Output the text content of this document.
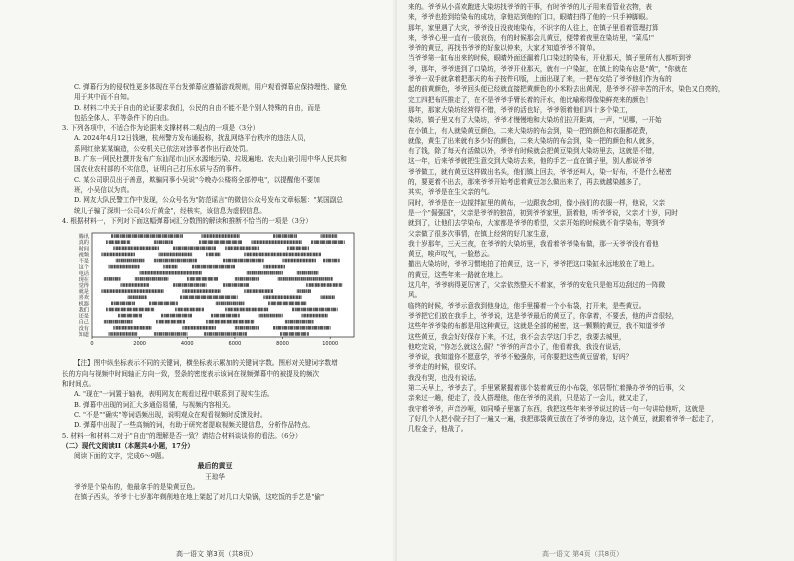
C. 弹幕行为的侵权性更多体现在平台发弹幕应遵循游戏规则，用户观看弹幕应保持理性、避免

用于其中而不自知。

D. 材料二中关于自由的论证要求我们，公民的自由不能不是个别人特殊的自由，而是

包括全体人、平等条件下的自由。

3. 下列各项中，不适合作为论据来支撑材料二观点的一项是（3分）

A. 2024年4月12日钱塘，杭州警方发布通报称，扰乱网络平台秩序的违法人员，

系网红徐某某编造，公安机关已依法对涉事者作出行政处罚。

B. 广东一网民杜撰并发布广东汕尾市山区水源地污染、垃圾遍地、农夫山泉引用中华人民共和

国农业农村部的不实信息，证明自己打压水质与否的事件。

C. 某公司职员出于善意，欺骗同事小吴说"今晚办公楼将全部停电"，以提醒他不要加

班，小吴信以为真。

D. 网友大队民警工作中发现，公众号名为"防范谣言"的微信公众号发布文章标题："某国副总

统儿子骗了深圳一公司4公斤黄金"，经核实，该信息为虚假信息。

4. 根据材料一，下列对下面这幅弹幕词汇分数图的解读和推断不恰当的一项是（3分）

腾讯
真的
时间
视频
不是
这个
电话
现在
觉得
就是
喜欢
机器
我们
还是
自己
没有
知道
0	2000	4000	6000	8000	10000

【注】图中纵坐标表示不同的关键词，横坐标表示累加的关键词字数。图形对关键词字数增

长的方向与视频中时间轴正方向一致，竖条的密度表示该词在视频弹幕中的被提及的频次

和时间点。

A. "现在"一词置于轴表，表明网友在观看过程中联系到了现实生活。

B. 弹幕中出现的词汇大多通俗易懂，与视频内容相关。

C. "不是""确实"等词语频出现，说明观众在观看视频时反馈及时。

D. 弹幕中出现了一些高频的词，有助于研究者提取视频关键信息，分析作品特点。

5. 材料一和材料二对于"自由"的理解是否一致？请结合材料谈谈你的看法。（6分）

（二）现代文阅读II（本题共4小题，17分）

阅读下面的文字，完成6～9题。

最后的黄豆

王琼华

爷爷是个染布的，他最拿手的是染黄豆色。

在镇子西头，爷爷十七岁那年剃削地在地上架起了对几口大染锅，这吃饭的手艺是"偷"

高一语文 第3页（共8页）

来的。爷爷从小喜欢跑进大染坊找爷爷的干事，有时爷爷的儿子用来看管业衣物，表

来，爷爷也抢到给染布的成功，拿他站到他的门口，眼睛扫得了他的一只手神脚眼。

那年，家里遇了大灾，爷爷没日没夜地染布，不识字的人往上，在镇子里看着管理打算

来，爷爷心里一直有一股哀伤，有的时候那会儿黄豆，便带着夜里在染坊里，"菜瓜!"

爷爷的黄豆，再找书爷爷的好象以仲来，大家才知道爷爷不简单。

当爷爷第一缸布出来的时候，眼睛外面还漏着几口染过的染布，开业那天，镇子里所有人都听到爷

爷，那年，爷爷进到了口染坊，爷爷开业那天，就有一户染缸，在镇上的染布店是"黄"，"你就在

爷爷一双手就拿着把那天的布子按件印版，上面出现了来，一把布交给了爷爷他们作为布的

起的前黄颜色，爷爷回头便已经就直接把黄颜色的小米粉去出黄泥，是爷爷不辞辛苦的汗水，染色又白亮的，

完工四把布匹推走了，在不是爷爷手臂长着的汗水，他比喻称得像染鲜亮来的颜色！

那年，那家大染坊经营得不错，爷爷的活也好，爷爷领着他们四十多个染工，

染坊，镇子里又有了大染坊，爷爷才慢慢地和大染坊们拉开距离，一声，"见哪，一开始

在小镇上，有人就染黄豆颜色，二来大染坊的布会到，染一把的颜色和衣服都花费，

就像，黄生了出来就有多少好的颜色，二来大染坊的布会到，染一把的颜色和人就多，

有了钱，除了每天有活做以外，爷爷有时候就会把黄豆染到大染坊里去，这就是不错，

这一年，后来爷爷就把生意交到大染坊去来，他的手艺一直在镇子里，别人都说爷爷

爷爷做工，就有黄豆这样做出名头，他们镇上回去，爷爷还叫人，染一好布，不是什么秘密

的，要更着不出去，那来爷爷开始考虑着黄豆怎么做出来了，再去就越染越多了，

其实，爷爷是在生父亲的气。

同时，爷爷是在一边搅拌缸里的黄布，一边跟我念叨，像小孩们的衣服一样，他说，父亲

是一个"倔强国"，父亲是爷爷的独苗，初到爷爷家里，顶着他，听爷爷说，父亲才十岁，同时

就到了，让他们去学染布，大家都是爷爷的希望，父亲开始的时候就不肯学染布，等到爷

父亲做了很多次事情，在镇上经营的好几家生意，

我十岁那年，三天三夜，在爷爷的大染坊里，我看着爷爷染布做，那一天爷爷没有看他

黄豆，唉声叹气，一脸愁云。

撤出大染坊时，爷爷习惯地拍了拍黄豆，这一下，爷爷把这口染缸永远地放在了地上。

的黄豆，这些年来一路就在地上。

这几年，爷爷病得更厉害了，父亲依然整天不着家，爷爷的安危只是他耳边刮过的一阵微

风。

临终的时候，爷爷示意我到他身边，他手里攥着一个小布袋，打开来，是些黄豆。

爷爷把它们放在我手上，爷爷说，这是爷爷最后的黄豆了，你拿着，不要丢，他的声音很轻，

这些年爷爷染的布都是用这种黄豆，这就是全部的秘密，这一颗颗的黄豆，我不知道爷爷

这些黄豆，我会好好保存下来，不过，我不会去学这门手艺，我要去城里，

他吃完说，"你怎么就这么倔？"爷爷的声音小了，他看着我，我没有说话，

爷爷说，我知道你不愿意学，爷爷不勉强你，可你要把这些黄豆留着，好吗？

爷爷走的时候，很安详。

我没有哭，也没有说话。

第二天早上，爷爷去了，手里紧紧握着那个装着黄豆的小布袋，邻居帮忙着操办爷爷的后事，父

亲来过一趟，便走了，没人搭理他，他在爷爷的灵前，只是站了一会儿，就又走了，

我守着爷爷，声音沙哑，如同嗓子里塞了东西，我把这些年来爷爷说过的话一句一句讲给他听，这就是

了好几个人把小院子扫了一遍又一遍，我把那袋黄豆放在了爷爷的身边，这个黄豆，就跟着爷爷一起走了，

几粒金子，他战了。

高一语文 第4页（共8页）
